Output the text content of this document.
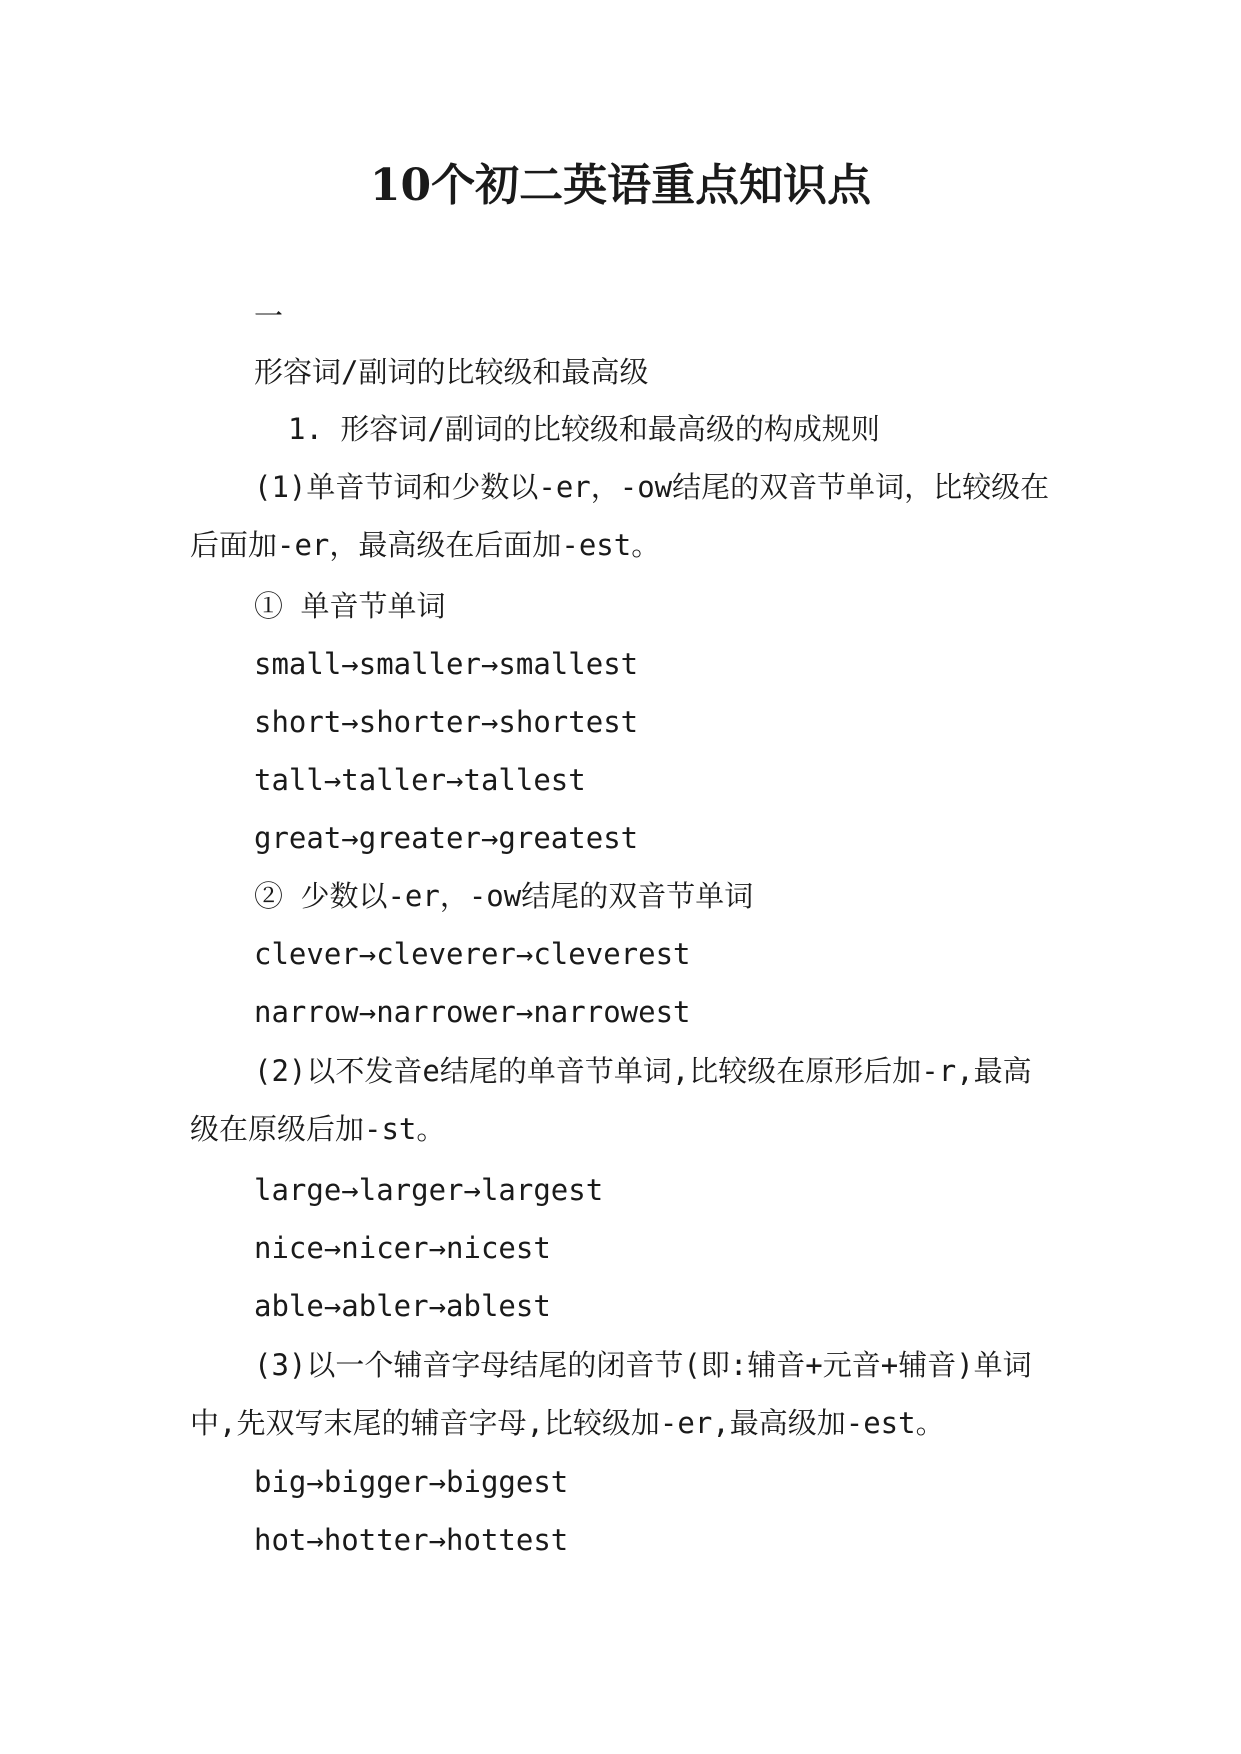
10个初二英语重点知识点
一
形容词/副词的比较级和最高级
1. 形容词/副词的比较级和最高级的构成规则
(1)单音节词和少数以-er，-ow结尾的双音节单词，比较级在后面加-er，最高级在后面加-est。
① 单音节单词
small→smaller→smallest
short→shorter→shortest
tall→taller→tallest
great→greater→greatest
② 少数以-er，-ow结尾的双音节单词
clever→cleverer→cleverest
narrow→narrower→narrowest
(2)以不发音e结尾的单音节单词,比较级在原形后加-r,最高级在原级后加-st。
large→larger→largest
nice→nicer→nicest
able→abler→ablest
(3)以一个辅音字母结尾的闭音节(即:辅音+元音+辅音)单词中,先双写末尾的辅音字母,比较级加-er,最高级加-est。
big→bigger→biggest
hot→hotter→hottest
